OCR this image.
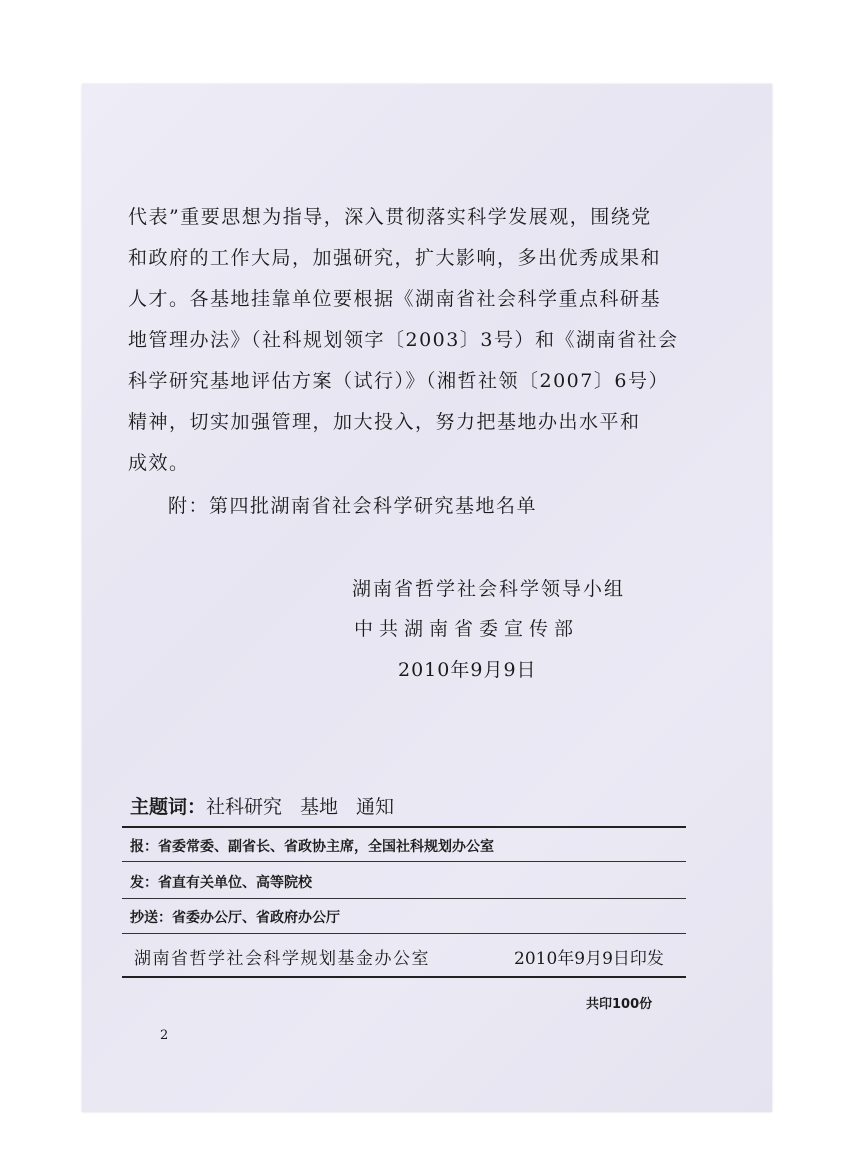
代表”重要思想为指导，深入贯彻落实科学发展观，围绕党
和政府的工作大局，加强研究，扩大影响，多出优秀成果和
人才。各基地挂靠单位要根据《湖南省社会科学重点科研基
地管理办法》（社科规划领字〔2003〕3号）和《湖南省社会
科学研究基地评估方案（试行）》（湘哲社领〔2007〕6号）
精神，切实加强管理，加大投入，努力把基地办出水平和
成效。
附：第四批湖南省社会科学研究基地名单
湖南省哲学社会科学领导小组
中共湖南省委宣传部
2010年9月9日
主题词：社科研究 基地 通知
报：省委常委、副省长、省政协主席，全国社科规划办公室
发：省直有关单位、高等院校
抄送：省委办公厅、省政府办公厅
湖南省哲学社会科学规划基金办公室	2010年9月9日印发
共印100份
2
